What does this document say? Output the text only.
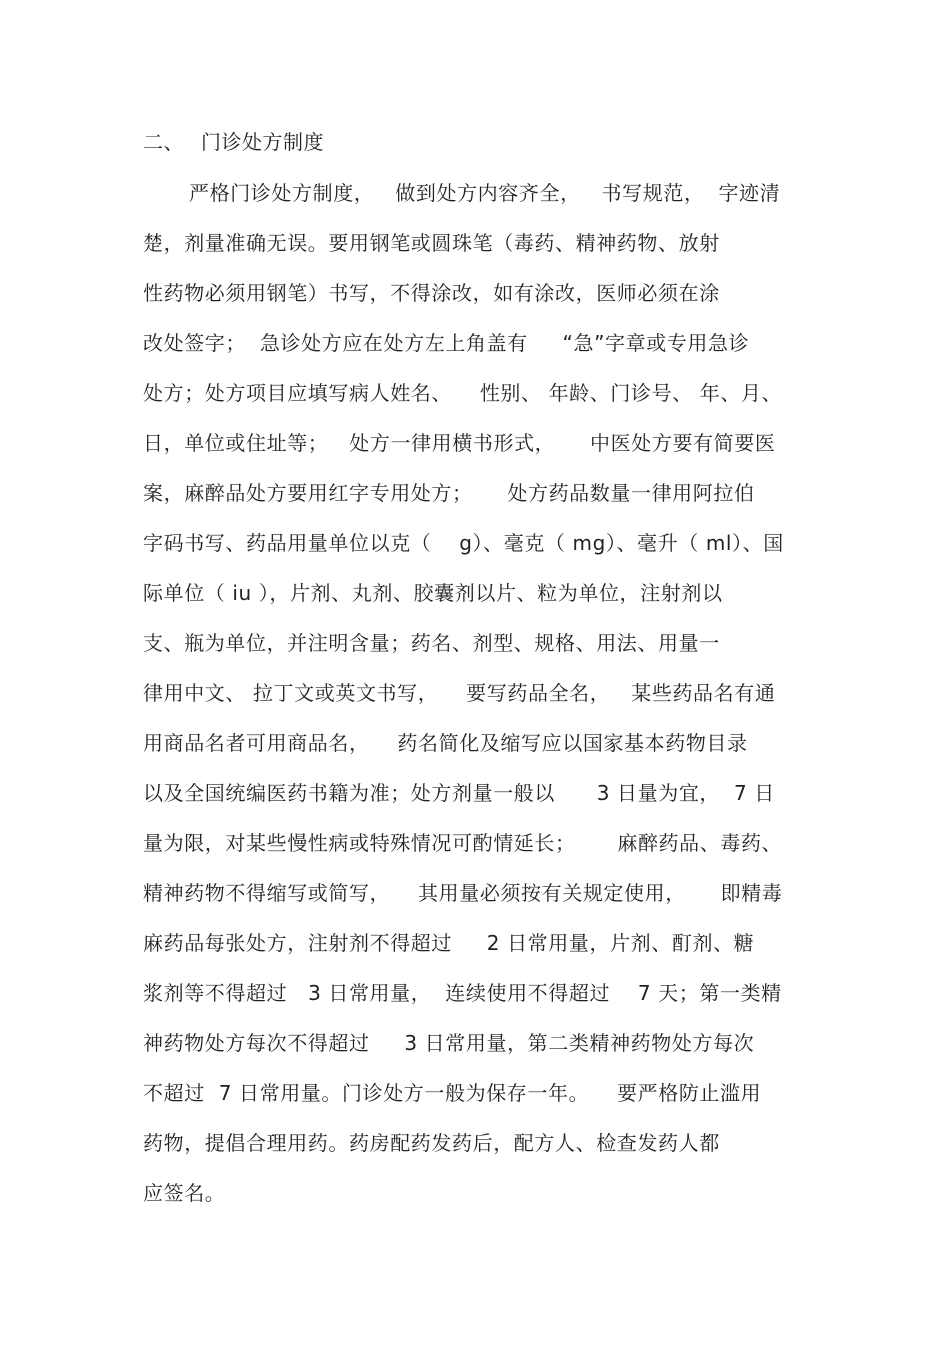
二、 门诊处方制度
严格门诊处方制度，   做到处方内容齐全，   书写规范，  字迹清
楚，剂量准确无误。要用钢笔或圆珠笔（毒药、精神药物、放射
性药物必须用钢笔）书写，不得涂改，如有涂改，医师必须在涂
改处签字；  急诊处方应在处方左上角盖有     “急”字章或专用急诊
处方；处方项目应填写病人姓名、    性别、 年龄、门诊号、 年、月、
日，单位或住址等；   处方一律用横书形式，     中医处方要有简要医
案，麻醉品处方要用红字专用处方；     处方药品数量一律用阿拉伯
字码书写、药品用量单位以克（    g）、毫克（ mg）、毫升（ ml）、国
际单位（ iu ），片剂、丸剂、胶囊剂以片、粒为单位，注射剂以
支、瓶为单位，并注明含量；药名、剂型、规格、用法、用量一
律用中文、 拉丁文或英文书写，    要写药品全名，   某些药品名有通
用商品名者可用商品名，    药名简化及缩写应以国家基本药物目录
以及全国统编医药书籍为准；处方剂量一般以      3 日量为宜，  7 日
量为限，对某些慢性病或特殊情况可酌情延长；      麻醉药品、毒药、
精神药物不得缩写或简写，    其用量必须按有关规定使用，     即精毒
麻药品每张处方，注射剂不得超过     2 日常用量，片剂、酊剂、糖
浆剂等不得超过   3 日常用量，  连续使用不得超过    7 天；第一类精
神药物处方每次不得超过     3 日常用量，第二类精神药物处方每次
不超过  7 日常用量。门诊处方一般为保存一年。    要严格防止滥用
药物，提倡合理用药。药房配药发药后，配方人、检查发药人都
应签名。
